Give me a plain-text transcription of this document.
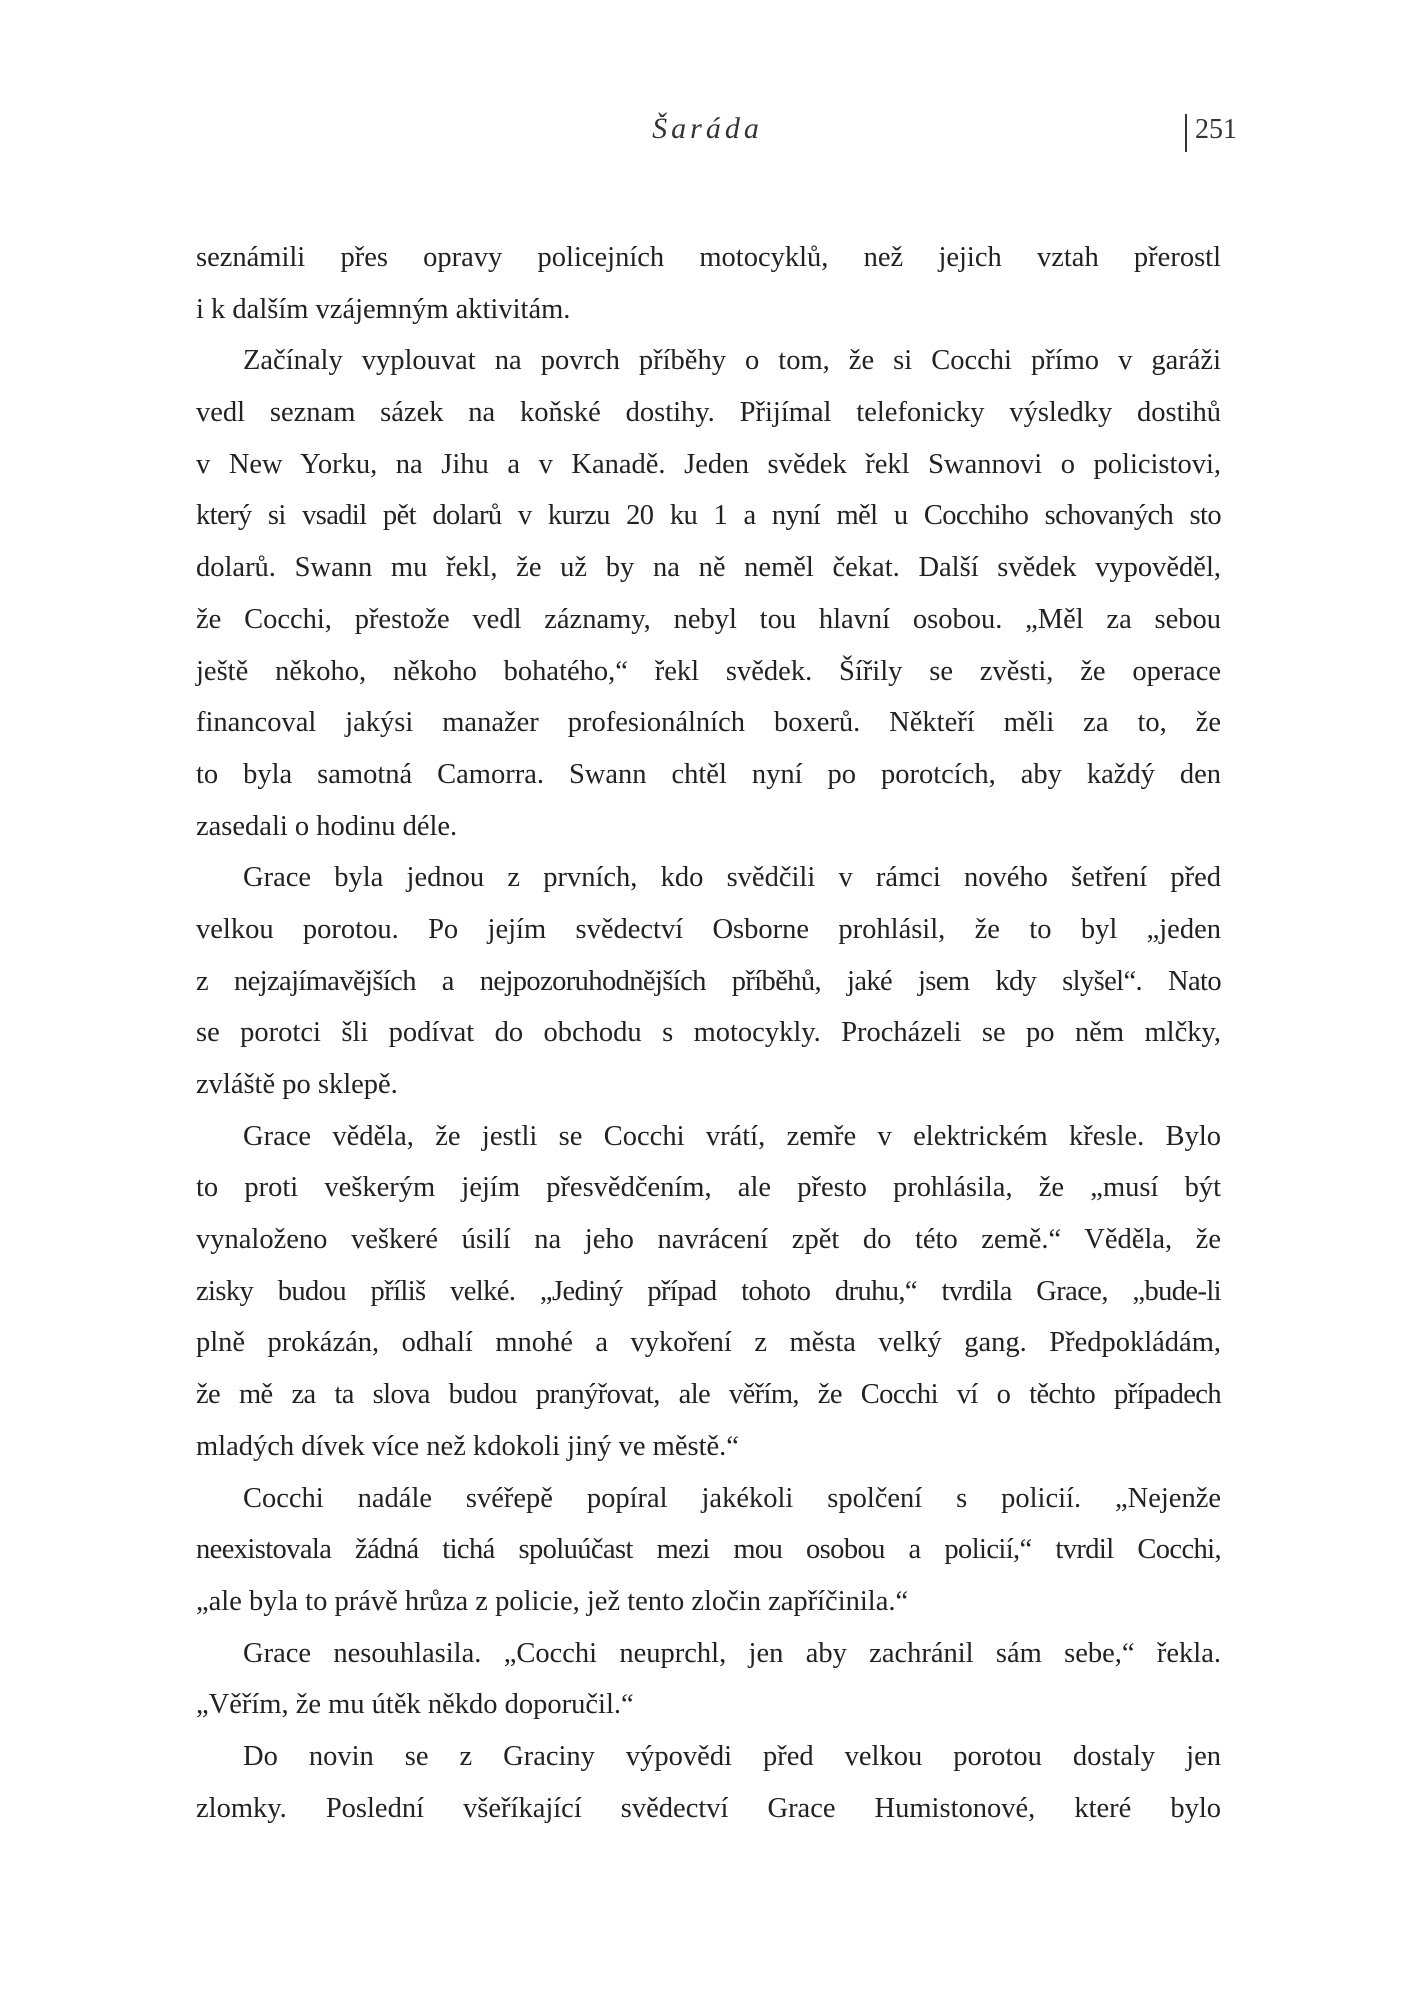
Šaráda	251
seznámili přes opravy policejních motocyklů, než jejich vztah přerostl
i k dalším vzájemným aktivitám.
Začínaly vyplouvat na povrch příběhy o tom, že si Cocchi přímo v garáži
vedl seznam sázek na koňské dostihy. Přijímal telefonicky výsledky dostihů
v New Yorku, na Jihu a v Kanadě. Jeden svědek řekl Swannovi o policistovi,
který si vsadil pět dolarů v kurzu 20 ku 1 a nyní měl u Cocchiho schovaných sto
dolarů. Swann mu řekl, že už by na ně neměl čekat. Další svědek vypověděl,
že Cocchi, přestože vedl záznamy, nebyl tou hlavní osobou. „Měl za sebou
ještě někoho, někoho bohatého,“ řekl svědek. Šířily se zvěsti, že operace
financoval jakýsi manažer profesionálních boxerů. Někteří měli za to, že
to byla samotná Camorra. Swann chtěl nyní po porotcích, aby každý den
zasedali o hodinu déle.
Grace byla jednou z prvních, kdo svědčili v rámci nového šetření před
velkou porotou. Po jejím svědectví Osborne prohlásil, že to byl „jeden
z nejzajímavějších a nejpozoruhodnějších příběhů, jaké jsem kdy slyšel“. Nato
se porotci šli podívat do obchodu s motocykly. Procházeli se po něm mlčky,
zvláště po sklepě.
Grace věděla, že jestli se Cocchi vrátí, zemře v elektrickém křesle. Bylo
to proti veškerým jejím přesvědčením, ale přesto prohlásila, že „musí být
vynaloženo veškeré úsilí na jeho navrácení zpět do této země.“ Věděla, že
zisky budou příliš velké. „Jediný případ tohoto druhu,“ tvrdila Grace, „bude-li
plně prokázán, odhalí mnohé a vykoření z města velký gang. Předpokládám,
že mě za ta slova budou pranýřovat, ale věřím, že Cocchi ví o těchto případech
mladých dívek více než kdokoli jiný ve městě.“
Cocchi nadále svéřepě popíral jakékoli spolčení s policií. „Nejenže
neexistovala žádná tichá spoluúčast mezi mou osobou a policií,“ tvrdil Cocchi,
„ale byla to právě hrůza z policie, jež tento zločin zapříčinila.“
Grace nesouhlasila. „Cocchi neuprchl, jen aby zachránil sám sebe,“ řekla.
„Věřím, že mu útěk někdo doporučil.“
Do novin se z Graciny výpovědi před velkou porotou dostaly jen
zlomky. Poslední všeříkající svědectví Grace Humistonové, které bylo
